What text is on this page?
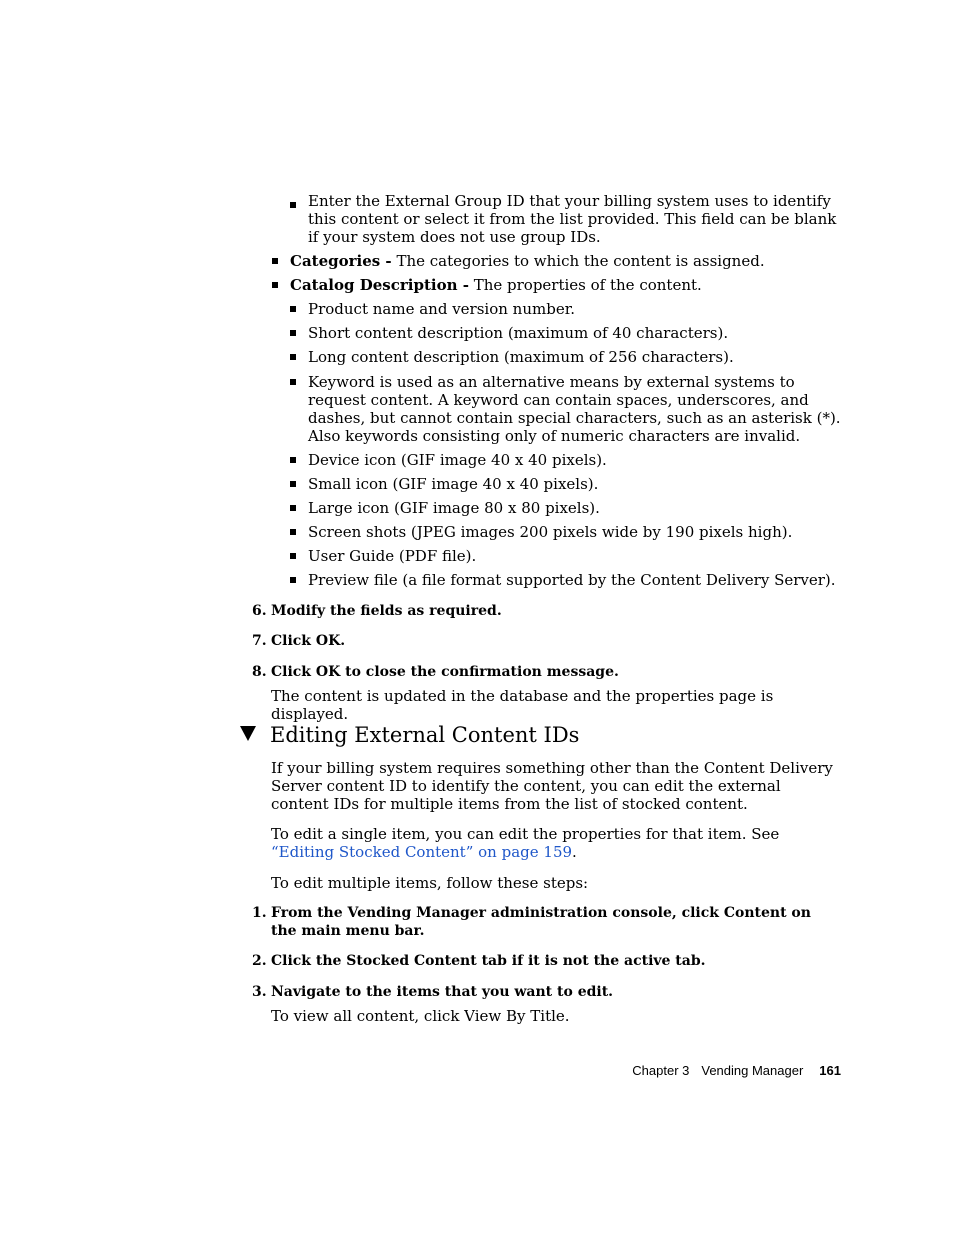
Enter the External Group ID that your billing system uses to identify this content or select it from the list provided. This field can be blank if your system does not use group IDs.
Categories - The categories to which the content is assigned.
Catalog Description - The properties of the content.
Product name and version number.
Short content description (maximum of 40 characters).
Long content description (maximum of 256 characters).
Keyword is used as an alternative means by external systems to request content. A keyword can contain spaces, underscores, and dashes, but cannot contain special characters, such as an asterisk (*). Also keywords consisting only of numeric characters are invalid.
Device icon (GIF image 40 x 40 pixels).
Small icon (GIF image 40 x 40 pixels).
Large icon (GIF image 80 x 80 pixels).
Screen shots (JPEG images 200 pixels wide by 190 pixels high).
User Guide (PDF file).
Preview file (a file format supported by the Content Delivery Server).
6. Modify the fields as required.
7. Click OK.
8. Click OK to close the confirmation message.
The content is updated in the database and the properties page is displayed.
Editing External Content IDs
If your billing system requires something other than the Content Delivery Server content ID to identify the content, you can edit the external content IDs for multiple items from the list of stocked content.
To edit a single item, you can edit the properties for that item. See “Editing Stocked Content” on page 159.
To edit multiple items, follow these steps:
1. From the Vending Manager administration console, click Content on the main menu bar.
2. Click the Stocked Content tab if it is not the active tab.
3. Navigate to the items that you want to edit.
To view all content, click View By Title.
Chapter 3 Vending Manager 161
